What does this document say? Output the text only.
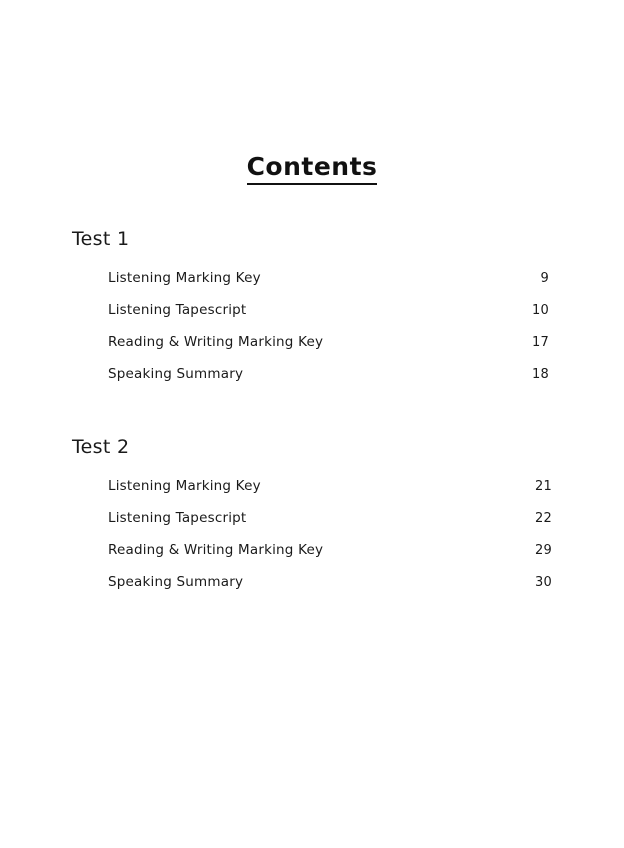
Contents
Test 1
Listening Marking Key	9
Listening Tapescript	10
Reading & Writing Marking Key	17
Speaking Summary	18
Test 2
Listening Marking Key	21
Listening Tapescript	22
Reading & Writing Marking Key	29
Speaking Summary	30
